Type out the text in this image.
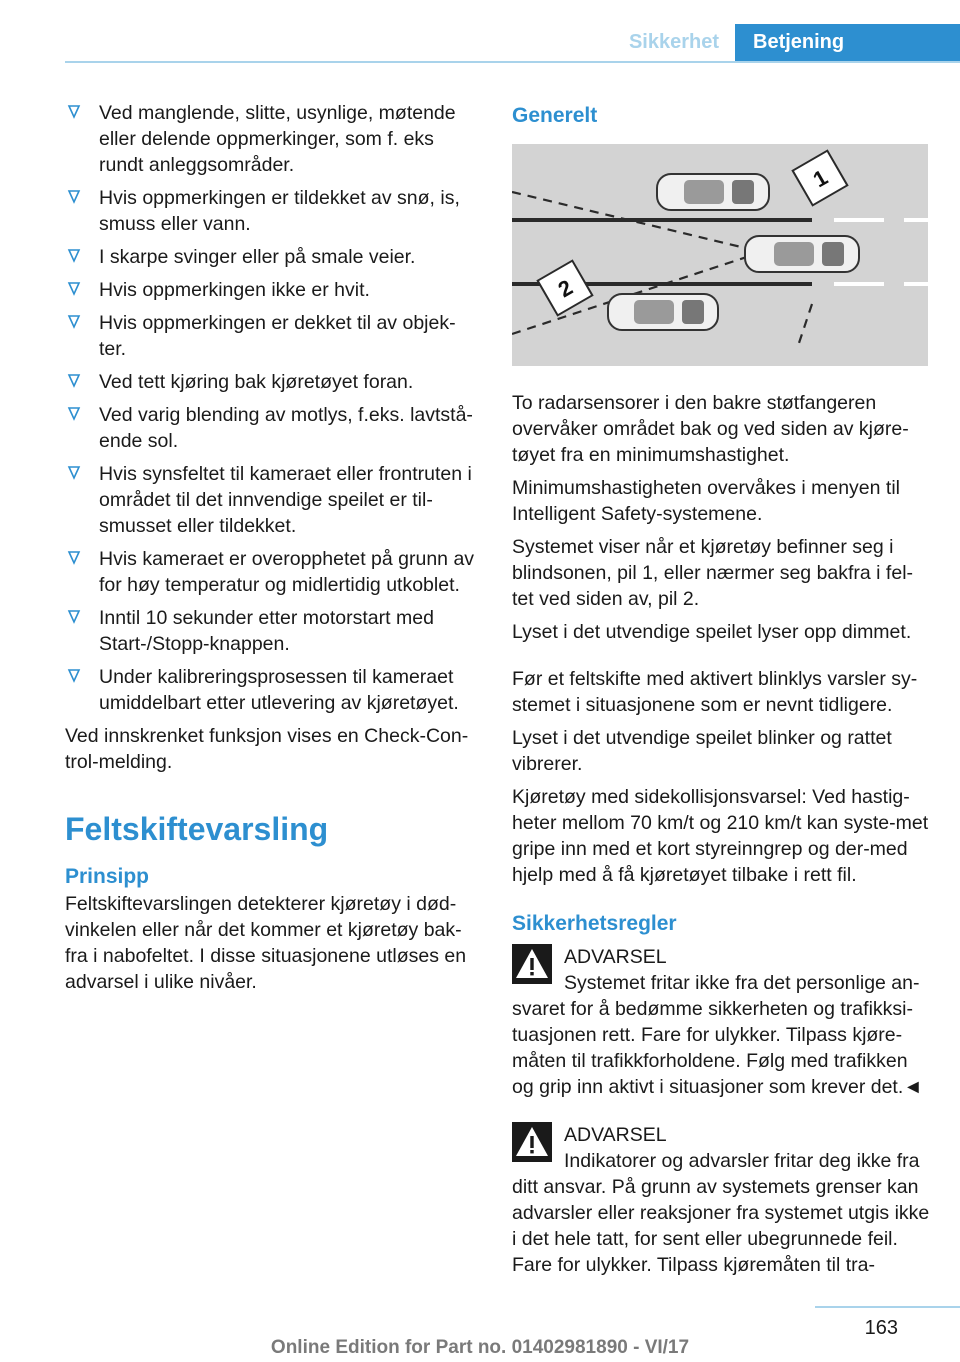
Sikkerhet	Betjening
Ved manglende, slitte, usynlige, møtende eller delende oppmerkinger, som f. eks rundt anleggsområder.
Hvis oppmerkingen er tildekket av snø, is, smuss eller vann.
I skarpe svinger eller på smale veier.
Hvis oppmerkingen ikke er hvit.
Hvis oppmerkingen er dekket til av objek‐ter.
Ved tett kjøring bak kjøretøyet foran.
Ved varig blending av motlys, f.eks. lavtstå‐ende sol.
Hvis synsfeltet til kameraet eller frontruten i området til det innvendige speilet er til‐smusset eller tildekket.
Hvis kameraet er overopphetet på grunn av for høy temperatur og midlertidig utkoblet.
Inntil 10 sekunder etter motorstart med Start-/Stopp-knappen.
Under kalibreringsprosessen til kameraet umiddelbart etter utlevering av kjøretøyet.

Ved innskrenket funksjon vises en Check-Con‐trol-melding.

Feltskiftevarsling
Prinsipp

Feltskiftevarslingen detekterer kjøretøy i død‐vinkelen eller når det kommer et kjøretøy bak‐fra i nabofeltet. I disse situasjonene utløses en advarsel i ulike nivåer.

Generelt
1
2

To radarsensorer i den bakre støtfangeren overvåker området bak og ved siden av kjøre‐tøyet fra en minimumshastighet.

Minimumshastigheten overvåkes i menyen til Intelligent Safety-systemene.

Systemet viser når et kjøretøy befinner seg i blindsonen, pil 1, eller nærmer seg bakfra i fel‐tet ved siden av, pil 2.

Lyset i det utvendige speilet lyser opp dimmet.

Før et feltskifte med aktivert blinklys varsler sy‐stemet i situasjonene som er nevnt tidligere.

Lyset i det utvendige speilet blinker og rattet vibrerer.

Kjøretøy med sidekollisjonsvarsel: Ved hastig‐heter mellom 70 km/t og 210 km/t kan syste‐met gripe inn med et kort styreinngrep og der‐med hjelp med å få kjøretøyet tilbake i rett fil.

Sikkerhetsregler
ADVARSEL
Systemet fritar ikke fra det personlige an‐svaret for å bedømme sikkerheten og trafikksi‐tuasjonen rett. Fare for ulykker. Tilpass kjøre‐måten til trafikkforholdene. Følg med trafikken og grip inn aktivt i situasjoner som krever det.◄
ADVARSEL
Indikatorer og advarsler fritar deg ikke fra ditt ansvar. På grunn av systemets grenser kan advarsler eller reaksjoner fra systemet utgis ikke i det hele tatt, for sent eller ubegrunnede feil. Fare for ulykker. Tilpass kjøremåten til tra‐
163
Online Edition for Part no. 01402981890 - VI/17
